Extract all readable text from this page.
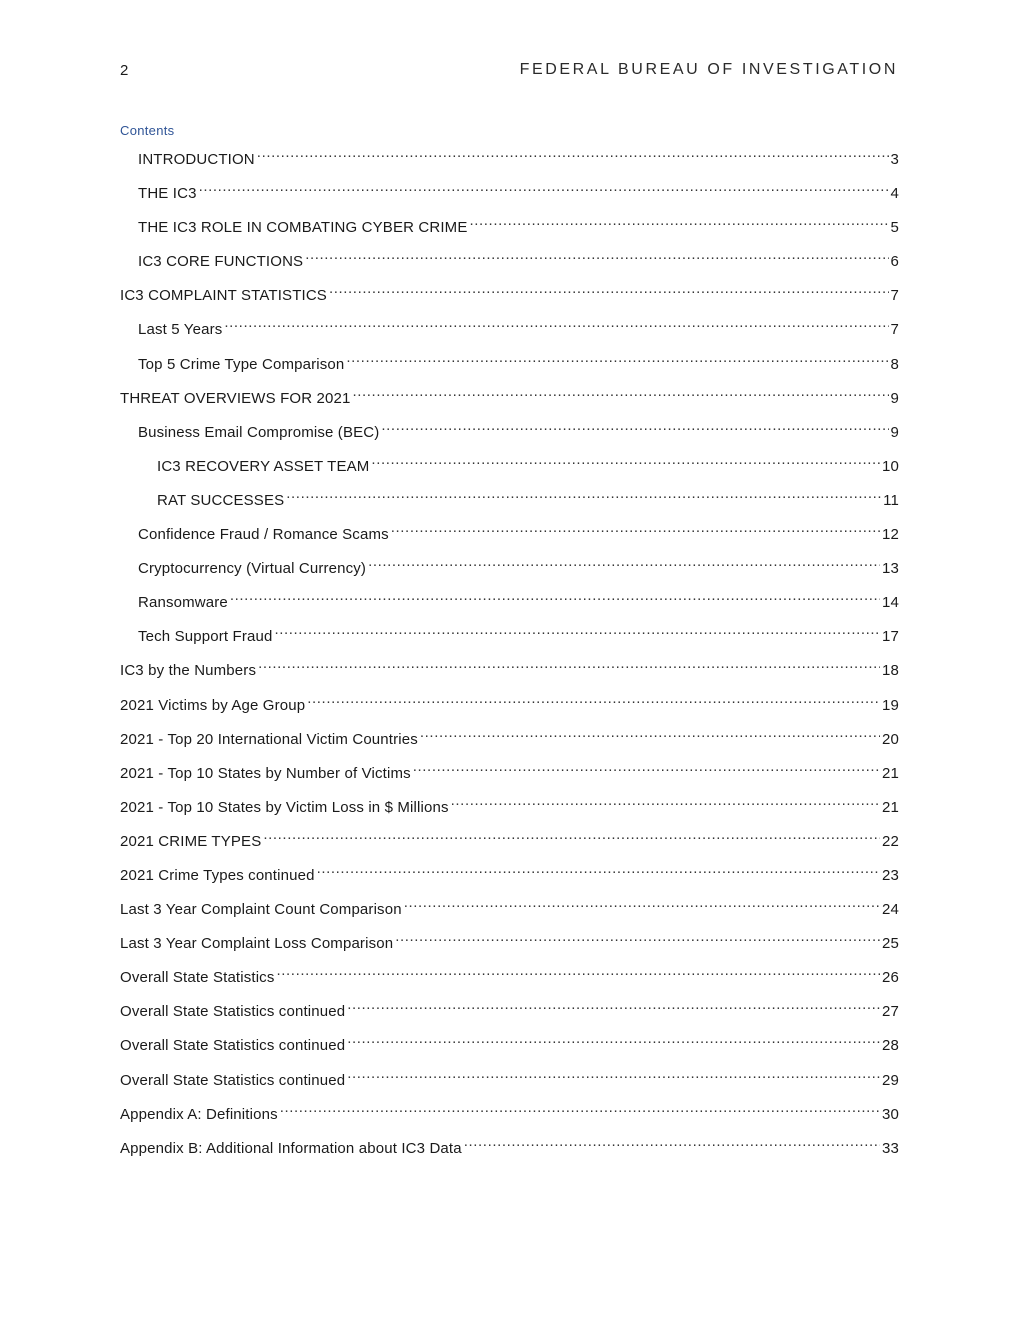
2	FEDERAL BUREAU OF INVESTIGATION
Contents
INTRODUCTION .....	3
THE IC3 .....	4
THE IC3 ROLE IN COMBATING CYBER CRIME .....	5
IC3 CORE FUNCTIONS .....	6
IC3 COMPLAINT STATISTICS .....	7
Last 5 Years .....	7
Top 5 Crime Type Comparison .....	8
THREAT OVERVIEWS FOR 2021 .....	9
Business Email Compromise (BEC) .....	9
IC3 RECOVERY ASSET TEAM .....	10
RAT SUCCESSES .....	11
Confidence Fraud / Romance Scams .....	12
Cryptocurrency (Virtual Currency) .....	13
Ransomware .....	14
Tech Support Fraud .....	17
IC3 by the Numbers .....	18
2021 Victims by Age Group .....	19
2021 - Top 20 International Victim Countries .....	20
2021 - Top 10 States by Number of Victims .....	21
2021 - Top 10 States by Victim Loss in $ Millions .....	21
2021 CRIME TYPES .....	22
2021 Crime Types continued .....	23
Last 3 Year Complaint Count Comparison .....	24
Last 3 Year Complaint Loss Comparison .....	25
Overall State Statistics .....	26
Overall State Statistics continued .....	27
Overall State Statistics continued .....	28
Overall State Statistics continued .....	29
Appendix A: Definitions .....	30
Appendix B: Additional Information about IC3 Data .....	33
